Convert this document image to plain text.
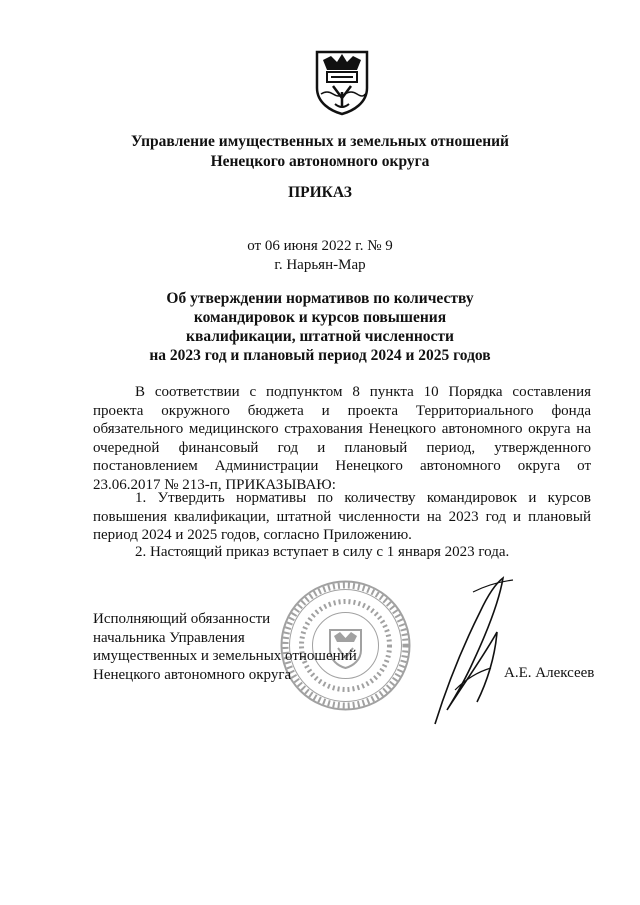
Управление имущественных и земельных отношений
Ненецкого автономного округа
ПРИКАЗ
от 06 июня 2022 г. № 9
г. Нарьян-Мар
Об утверждении нормативов по количеству
командировок и курсов повышения
квалификации, штатной численности
на 2023 год и плановый период 2024 и 2025 годов
В соответствии с подпунктом 8 пункта 10 Порядка составления проекта окружного бюджета и проекта Территориального фонда обязательного медицинского страхования Ненецкого автономного округа на очередной финансовый год и плановый период, утвержденного постановлением Администрации Ненецкого автономного округа от 23.06.2017 № 213-п, ПРИКАЗЫВАЮ:
1. Утвердить нормативы по количеству командировок и курсов повышения квалификации, штатной численности на 2023 год и плановый период 2024 и 2025 годов, согласно Приложению.
2. Настоящий приказ вступает в силу с 1 января 2023 года.
Исполняющий обязанности
начальника Управления
имущественных и земельных отношений
Ненецкого автономного округа	А.Е. Алексеев
